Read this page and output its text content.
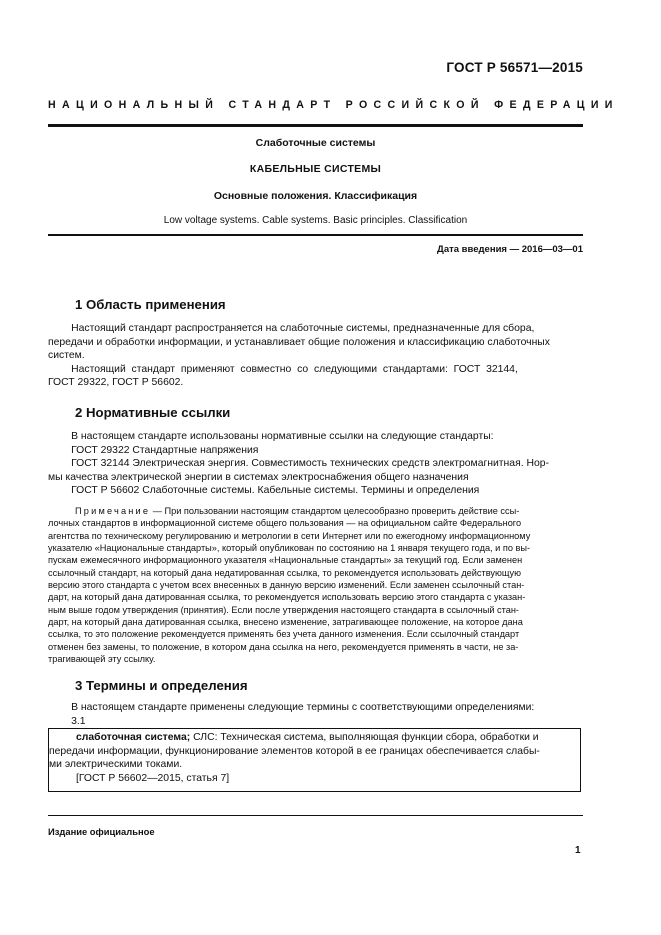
ГОСТ Р 56571—2015
НАЦИОНАЛЬНЫЙ СТАНДАРТ РОССИЙСКОЙ ФЕДЕРАЦИИ
Слаботочные системы
КАБЕЛЬНЫЕ СИСТЕМЫ
Основные положения. Классификация
Low voltage systems. Cable systems. Basic principles. Classification
Дата введения — 2016—03—01
1 Область применения
Настоящий стандарт распространяется на слаботочные системы, предназначенные для сбора,
передачи и обработки информации, и устанавливает общие положения и классификацию слаботочных
систем.
Настоящий  стандарт  применяют  совместно  со  следующими  стандартами:  ГОСТ  32144,
ГОСТ 29322, ГОСТ Р 56602.
2 Нормативные ссылки
В настоящем стандарте использованы нормативные ссылки на следующие стандарты:
ГОСТ 29322 Стандартные напряжения
ГОСТ 32144 Электрическая энергия. Совместимость технических средств электромагнитная. Нор-
мы качества электрической энергии в системах электроснабжения общего назначения
ГОСТ Р 56602 Слаботочные системы. Кабельные системы. Термины и определения
Примечание — При пользовании настоящим стандартом целесообразно проверить действие ссы-
лочных стандартов в информационной системе общего пользования — на официальном сайте Федерального
агентства по техническому регулированию и метрологии в сети Интернет или по ежегодному информационному
указателю «Национальные стандарты», который опубликован по состоянию на 1 января текущего года, и по вы-
пускам ежемесячного информационного указателя «Национальные стандарты» за текущий год. Если заменен
ссылочный стандарт, на который дана недатированная ссылка, то рекомендуется использовать действующую
версию этого стандарта с учетом всех внесенных в данную версию изменений. Если заменен ссылочный стан-
дарт, на который дана датированная ссылка, то рекомендуется использовать версию этого стандарта с указан-
ным выше годом утверждения (принятия). Если после утверждения настоящего стандарта в ссылочный стан-
дарт, на который дана датированная ссылка, внесено изменение, затрагивающее положение, на которое дана
ссылка, то это положение рекомендуется применять без учета данного изменения. Если ссылочный стандарт
отменен без замены, то положение, в котором дана ссылка на него, рекомендуется применять в части, не за-
трагивающей эту ссылку.
3 Термины и определения
В настоящем стандарте применены следующие термины с соответствующими определениями:
3.1
слаботочная система; СЛС: Техническая система, выполняющая функции сбора, обработки и
передачи информации, функционирование элементов которой в ее границах обеспечивается слабы-
ми электрическими токами.
[ГОСТ Р 56602—2015, статья 7]
Издание официальное
1
